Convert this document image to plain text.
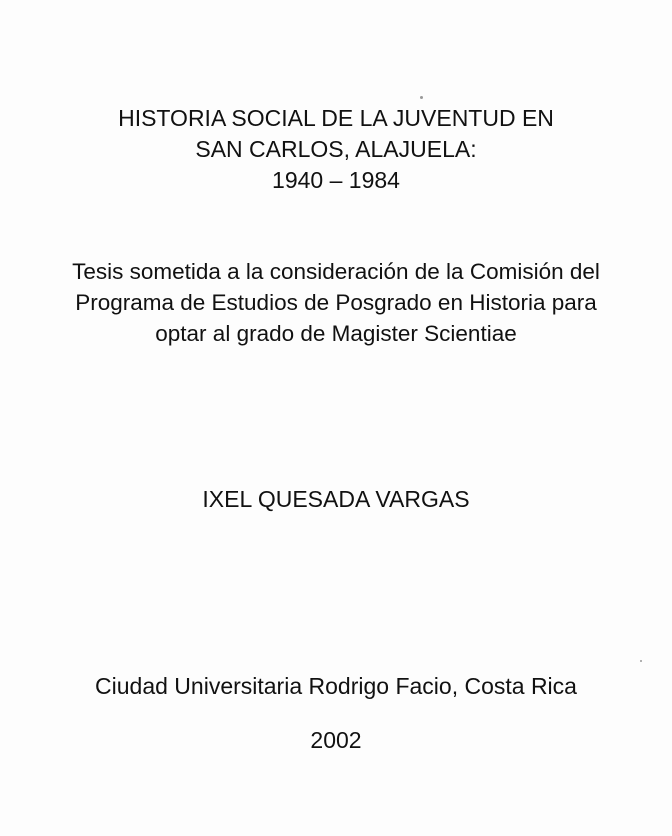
HISTORIA SOCIAL DE LA JUVENTUD EN
SAN CARLOS, ALAJUELA:
1940 – 1984
Tesis sometida a la consideración de la Comisión del
Programa de Estudios de Posgrado en Historia para
optar al grado de Magister Scientiae
IXEL QUESADA VARGAS
Ciudad Universitaria Rodrigo Facio, Costa Rica
2002
